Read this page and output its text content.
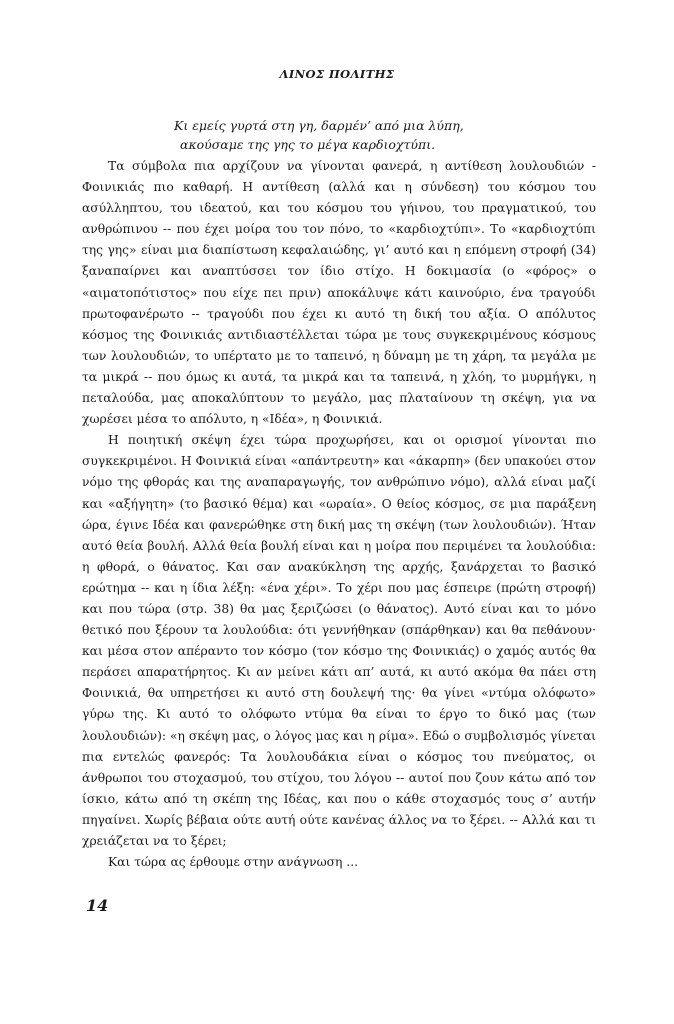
ΛΙΝΟΣ ΠΟΛΙΤΗΣ

Κι εμείς γυρτά στη γη, δαρμέν’ από μια λύπη,

ακούσαμε της γης το μέγα καρδιοχτύπι.

Τα σύμβολα πια αρχίζουν να γίνονται φανερά, η αντίθεση λουλουδιών - Φοινικιάς πιο καθαρή. Η αντίθεση (αλλά και η σύνδεση) του κόσμου του ασύλληπτου, του ιδεατού, και του κόσμου του γήινου, του πραγματικού, του ανθρώπινου -- που έχει μοίρα του τον πόνο, το «καρδιοχτύπι». Το «καρδιοχτύπι της γης» είναι μια διαπίστωση κεφαλαιώδης, γι’ αυτό και η επόμενη στροφή (34) ξαναπαίρνει και αναπτύσσει τον ίδιο στίχο. Η δοκιμασία (ο «φόρος» ο «αιματοπότιστος» που είχε πει πριν) αποκάλυψε κάτι καινούριο, ένα τραγούδι πρωτοφανέρωτο -- τραγούδι που έχει κι αυτό τη δική του αξία. Ο απόλυτος κόσμος της Φοινικιάς αντιδιαστέλλεται τώρα με τους συγκεκριμένους κόσμους των λουλουδιών, το υπέρτατο με το ταπεινό, η δύναμη με τη χάρη, τα μεγάλα με τα μικρά -- που όμως κι αυτά, τα μικρά και τα ταπεινά, η χλόη, το μυρμήγκι, η πεταλούδα, μας αποκαλύπτουν το μεγάλο, μας πλαταίνουν τη σκέψη, για να χωρέσει μέσα το απόλυτο, η «Ιδέα», η Φοινικιά.

Η ποιητική σκέψη έχει τώρα προχωρήσει, και οι ορισμοί γίνονται πιο συγκεκριμένοι. Η Φοινικιά είναι «απάντρευτη» και «άκαρπη» (δεν υπακούει στον νόμο της φθοράς και της αναπαραγωγής, τον ανθρώπινο νόμο), αλλά είναι μαζί και «αξήγητη» (το βασικό θέμα) και «ωραία». Ο θείος κόσμος, σε μια παράξενη ώρα, έγινε Ιδέα και φανερώθηκε στη δική μας τη σκέψη (των λουλουδιών). Ήταν αυτό θεία βουλή. Αλλά θεία βουλή είναι και η μοίρα που περιμένει τα λουλούδια: η φθορά, ο θάνατος. Και σαν ανακύκληση της αρχής, ξανάρχεται το βασικό ερώτημα -- και η ίδια λέξη: «ένα χέρι». Το χέρι που μας έσπειρε (πρώτη στροφή) και που τώρα (στρ. 38) θα μας ξεριζώσει (ο θάνατος). Αυτό είναι και το μόνο θετικό που ξέρουν τα λουλούδια: ότι γεννήθηκαν (σπάρθηκαν) και θα πεθάνουν· και μέσα στον απέραντο τον κόσμο (τον κόσμο της Φοινικιάς) ο χαμός αυτός θα περάσει απαρατήρητος. Κι αν μείνει κάτι απ’ αυτά, κι αυτό ακόμα θα πάει στη Φοινικιά, θα υπηρετήσει κι αυτό στη δουλεψή της· θα γίνει «ντύμα ολόφωτο» γύρω της. Κι αυτό το ολόφωτο ντύμα θα είναι το έργο το δικό μας (των λουλουδιών): «η σκέψη μας, ο λόγος μας και η ρίμα». Εδώ ο συμβολισμός γίνεται πια εντελώς φανερός: Τα λουλουδάκια είναι ο κόσμος του πνεύματος, οι άνθρωποι του στοχασμού, του στίχου, του λόγου -- αυτοί που ζουν κάτω από τον ίσκιο, κάτω από τη σκέπη της Ιδέας, και που ο κάθε στοχασμός τους σ’ αυτήν πηγαίνει. Χωρίς βέβαια ούτε αυτή ούτε κανένας άλλος να το ξέρει. -- Αλλά και τι χρειάζεται να το ξέρει;

Και τώρα ας έρθουμε στην ανάγνωση ...

14
